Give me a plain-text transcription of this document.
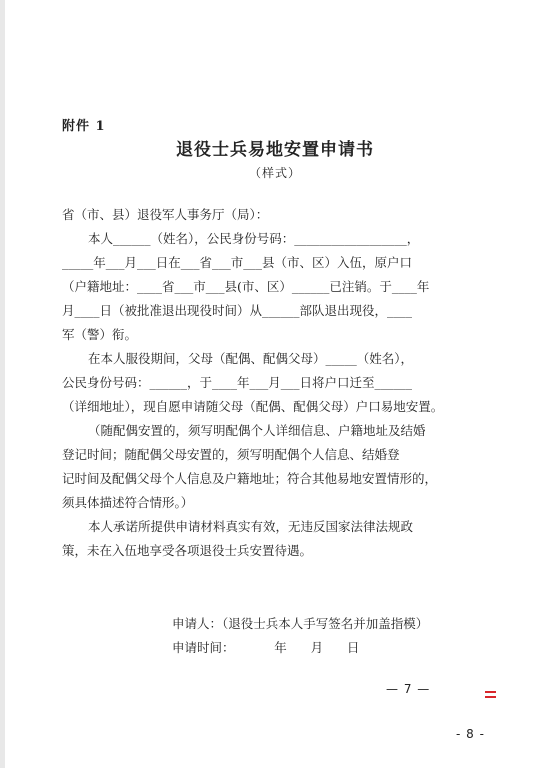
附件 1
退役士兵易地安置申请书
（样式）

省（市、县）退役军人事务厅（局）：

本人______（姓名），公民身份号码：__________________，

_____年___月___日在___省___市___县（市、区）入伍，原户口

（户籍地址：____省___市___县(市、区）______已注销。于____年

月____日（被批准退出现役时间）从______部队退出现役，____

军（警）衔。

在本人服役期间，父母（配偶、配偶父母）_____（姓名），

公民身份号码：______，于____年___月___日将户口迁至______

（详细地址），现自愿申请随父母（配偶、配偶父母）户口易地安置。

（随配偶安置的，须写明配偶个人详细信息、户籍地址及结婚

登记时间；随配偶父母安置的，须写明配偶个人信息、结婚登

记时间及配偶父母个人信息及户籍地址；符合其他易地安置情形的，

须具体描述符合情形。）

本人承诺所提供申请材料真实有效，无违反国家法律法规政

策，未在入伍地享受各项退役士兵安置待遇。

申请人：（退役士兵本人手写签名并加盖指模）
申请时间：          年      月      日
— 7 —
- 8 -
